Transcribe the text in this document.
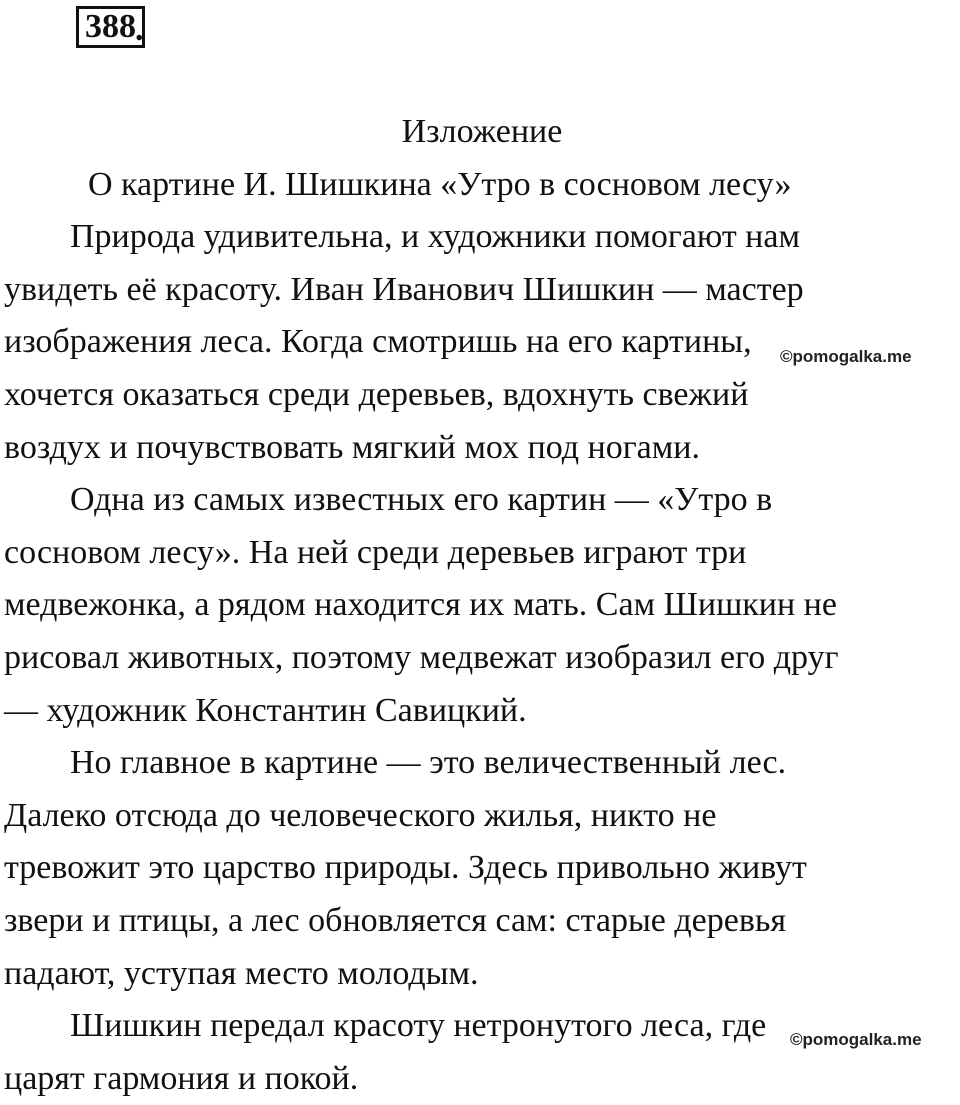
388 .
Изложение
О картине И. Шишкина «Утро в сосновом лесу»
Природа удивительна, и художники помогают нам
увидеть её красоту. Иван Иванович Шишкин — мастер
изображения леса. Когда смотришь на его картины,
хочется оказаться среди деревьев, вдохнуть свежий
воздух и почувствовать мягкий мох под ногами.
Одна из самых известных его картин — «Утро в
сосновом лесу». На ней среди деревьев играют три
медвежонка, а рядом находится их мать. Сам Шишкин не
рисовал животных, поэтому медвежат изобразил его друг
— художник Константин Савицкий.
Но главное в картине — это величественный лес.
Далеко отсюда до человеческого жилья, никто не
тревожит это царство природы. Здесь привольно живут
звери и птицы, а лес обновляется сам: старые деревья
падают, уступая место молодым.
Шишкин передал красоту нетронутого леса, где
царят гармония и покой.
©pomogalka.me
©pomogalka.me
